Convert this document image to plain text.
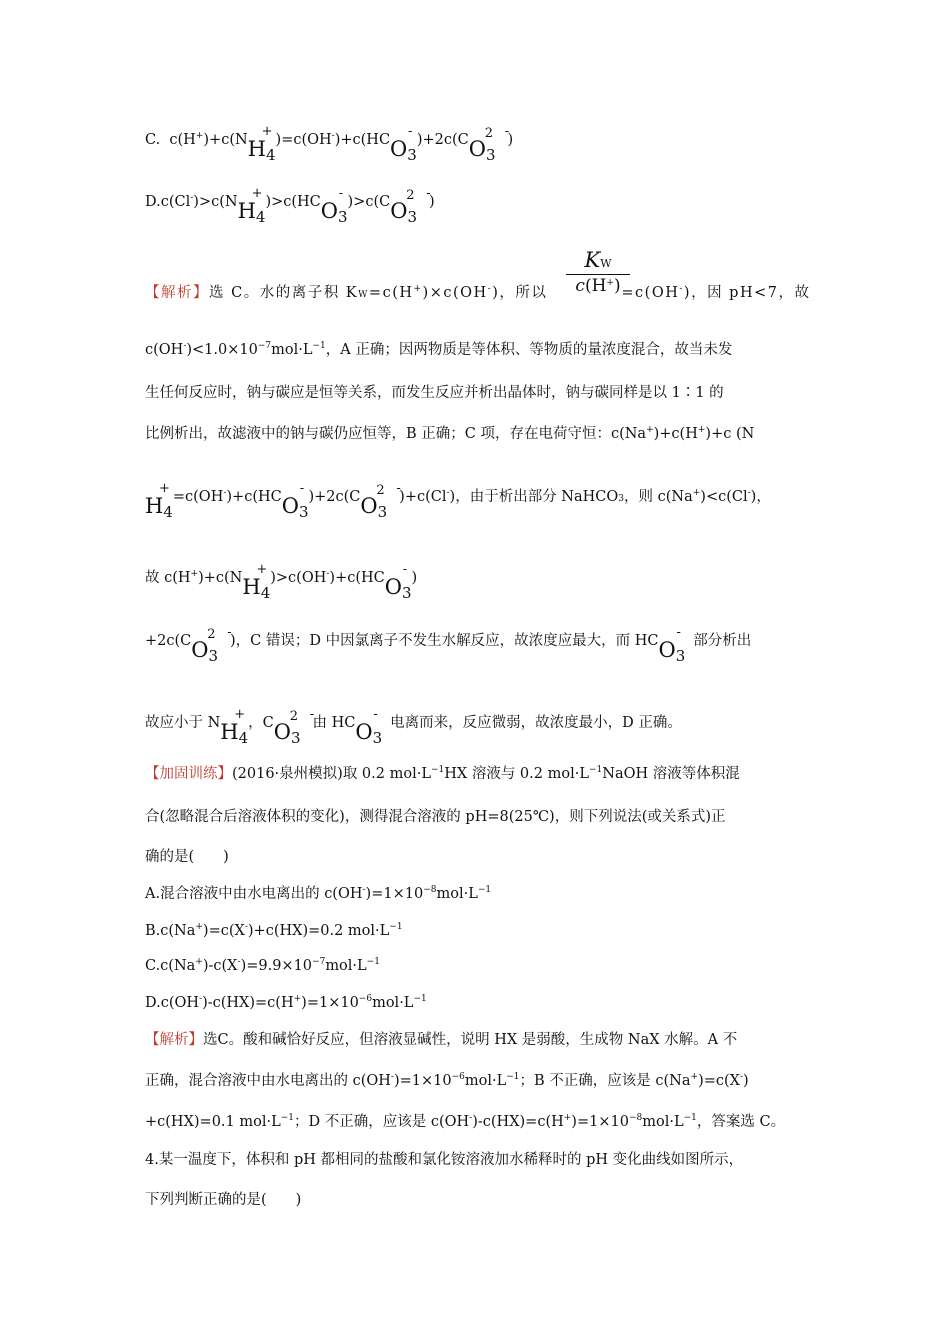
C. c(H+)+c(NH4
+
)=c(OH-)+c(HCO3
-
)+2c(CO
2
3
-
)
D.c(Cl-)>c(NH4
+
)>c(HCO3
-
)>c(CO
2
3
-
)
KW
c(H+)
【解析】选 C。水的离子积 KW=c(H+)×c(OH-)，所以	=c(OH-)，因 pH<7，故
$c(OH^-)<1.0\times 10^{-7}mol\cdot L^{-1}$，A 正确；因两物质是等体积、等物质的量浓度混合，故当未发
生任何反应时，钠与碳应是恒等关系，而发生反应并析出晶体时，钠与碳同样是以 1∶1 的
比例析出，故滤液中的钠与碳仍应恒等，B 正确；C 项，存在电荷守恒：c(Na+)+c(H+)+c (N
H4
+
=c(OH-)+c(HCO3
-
)+2c(CO
2
3
-
)+c(Cl-)，由于析出部分 NaHCO3，则 c(Na+)<c(Cl-)，
故 c(H+)+c(NH4
+
)>c(OH-)+c(HCO3
-
)
+2c(CO
2
3
-
)，C 错误；D 中因氯离子不发生水解反应，故浓度应最大，而 HCO3
-
部分析出
故应小于 NH4
+
，CO
2
3
-
由 HCO3
-
电离而来，反应微弱，故浓度最小，D 正确。
【加固训练】(2016·泉州模拟)取 0.2 $mol\cdot L^{-1}HX$ 溶液与 0.2 $mol\cdot L^{-1}NaOH$ 溶液等体积混
合(忽略混合后溶液体积的变化)，测得混合溶液的 pH=8(25℃)，则下列说法(或关系式)正
确的是(　　)
A.混合溶液中由水电离出的 $c(OH^-)=1\times 10^{-8}mol\cdot L^{-1}$
B.c(Na+)=c(X-)+c(HX)=0.2 $mol\cdot L^{-1}$
$C.c(Na^+)-c(X^-)=9.9\times 10^{-7}mol\cdot L^{-1}$
$D.c(OH^-)-c(HX)=c(H^+)=1\times 10^{-6}mol\cdot L^{-1}$
【解析】选C。酸和碱恰好反应，但溶液显碱性，说明 HX 是弱酸，生成物 NaX 水解。A 不
正确，混合溶液中由水电离出的 $c(OH^-)=1\times 10^{-6}mol\cdot L^{-1}$；B 不正确，应该是 c(Na+)=c(X-)
+c(HX)=0.1 $mol\cdot L^{-1}$；D 不正确，应该是 $c(OH^-)-c(HX)=c(H^+)=1\times 10^{-8}mol\cdot L^{-1}$，答案选 C。
4.某一温度下，体积和 pH 都相同的盐酸和氯化铵溶液加水稀释时的 pH 变化曲线如图所示，
下列判断正确的是(　　)
